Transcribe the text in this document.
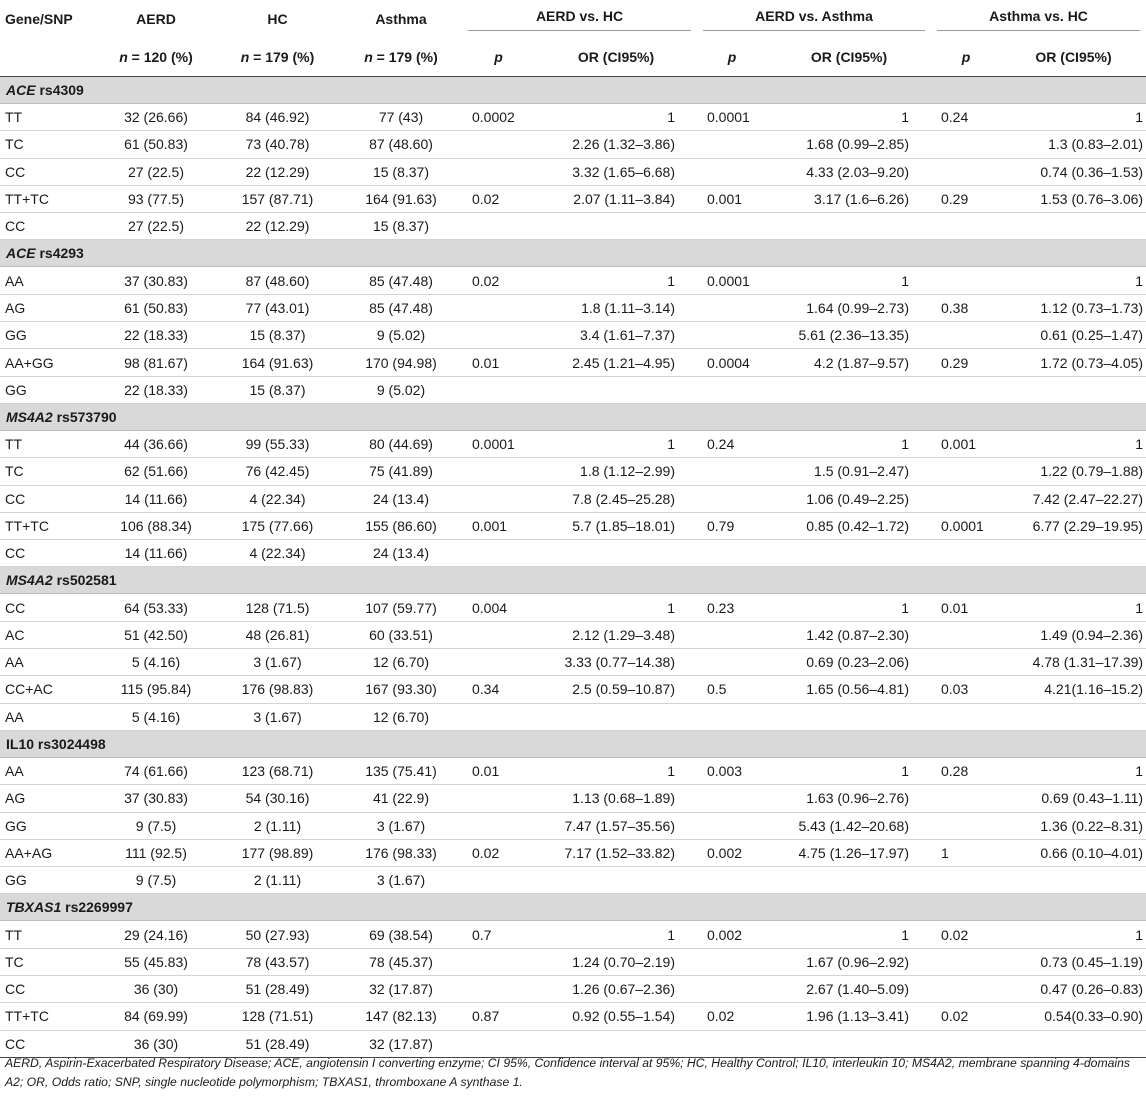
Gene/SNP	AERD	HC	Asthma	AERD vs. HC		AERD vs. Asthma		Asthma vs. HC	

	n = 120 (%)	n = 179 (%)	n = 179 (%)	p	OR (CI95%)	p	OR (CI95%)	p	OR (CI95%)
ACE rs4309									
TT	32 (26.66)	84 (46.92)	77 (43)	0.0002	1	0.0001	1	0.24	1
TC	61 (50.83)	73 (40.78)	87 (48.60)		2.26 (1.32–3.86)		1.68 (0.99–2.85)		1.3 (0.83–2.01)
CC	27 (22.5)	22 (12.29)	15 (8.37)		3.32 (1.65–6.68)		4.33 (2.03–9.20)		0.74 (0.36–1.53)
TT+TC	93 (77.5)	157 (87.71)	164 (91.63)	0.02	2.07 (1.11–3.84)	0.001	3.17 (1.6–6.26)	0.29	1.53 (0.76–3.06)
CC	27 (22.5)	22 (12.29)	15 (8.37)						
ACE rs4293									
AA	37 (30.83)	87 (48.60)	85 (47.48)	0.02	1	0.0001	1		1
AG	61 (50.83)	77 (43.01)	85 (47.48)		1.8 (1.11–3.14)		1.64 (0.99–2.73)	0.38	1.12 (0.73–1.73)
GG	22 (18.33)	15 (8.37)	9 (5.02)		3.4 (1.61–7.37)		5.61 (2.36–13.35)		0.61 (0.25–1.47)
AA+GG	98 (81.67)	164 (91.63)	170 (94.98)	0.01	2.45 (1.21–4.95)	0.0004	4.2 (1.87–9.57)	0.29	1.72 (0.73–4.05)
GG	22 (18.33)	15 (8.37)	9 (5.02)						
MS4A2 rs573790									
TT	44 (36.66)	99 (55.33)	80 (44.69)	0.0001	1	0.24	1	0.001	1
TC	62 (51.66)	76 (42.45)	75 (41.89)		1.8 (1.12–2.99)		1.5 (0.91–2.47)		1.22 (0.79–1.88)
CC	14 (11.66)	4 (22.34)	24 (13.4)		7.8 (2.45–25.28)		1.06 (0.49–2.25)		7.42 (2.47–22.27)
TT+TC	106 (88.34)	175 (77.66)	155 (86.60)	0.001	5.7 (1.85–18.01)	0.79	0.85 (0.42–1.72)	0.0001	6.77 (2.29–19.95)
CC	14 (11.66)	4 (22.34)	24 (13.4)						
MS4A2 rs502581									
CC	64 (53.33)	128 (71.5)	107 (59.77)	0.004	1	0.23	1	0.01	1
AC	51 (42.50)	48 (26.81)	60 (33.51)		2.12 (1.29–3.48)		1.42 (0.87–2.30)		1.49 (0.94–2.36)
AA	5 (4.16)	3 (1.67)	12 (6.70)		3.33 (0.77–14.38)		0.69 (0.23–2.06)		4.78 (1.31–17.39)
CC+AC	115 (95.84)	176 (98.83)	167 (93.30)	0.34	2.5 (0.59–10.87)	0.5	1.65 (0.56–4.81)	0.03	4.21(1.16–15.2)
AA	5 (4.16)	3 (1.67)	12 (6.70)						
IL10 rs3024498									
AA	74 (61.66)	123 (68.71)	135 (75.41)	0.01	1	0.003	1	0.28	1
AG	37 (30.83)	54 (30.16)	41 (22.9)		1.13 (0.68–1.89)		1.63 (0.96–2.76)		0.69 (0.43–1.11)
GG	9 (7.5)	2 (1.11)	3 (1.67)		7.47 (1.57–35.56)		5.43 (1.42–20.68)		1.36 (0.22–8.31)
AA+AG	111 (92.5)	177 (98.89)	176 (98.33)	0.02	7.17 (1.52–33.82)	0.002	4.75 (1.26–17.97)	1	0.66 (0.10–4.01)
GG	9 (7.5)	2 (1.11)	3 (1.67)						
TBXAS1 rs2269997									
TT	29 (24.16)	50 (27.93)	69 (38.54)	0.7	1	0.002	1	0.02	1
TC	55 (45.83)	78 (43.57)	78 (45.37)		1.24 (0.70–2.19)		1.67 (0.96–2.92)		0.73 (0.45–1.19)
CC	36 (30)	51 (28.49)	32 (17.87)		1.26 (0.67–2.36)		2.67 (1.40–5.09)		0.47 (0.26–0.83)
TT+TC	84 (69.99)	128 (71.51)	147 (82.13)	0.87	0.92 (0.55–1.54)	0.02	1.96 (1.13–3.41)	0.02	0.54(0.33–0.90)
CC	36 (30)	51 (28.49)	32 (17.87)						
AERD, Aspirin-Exacerbated Respiratory Disease; ACE, angiotensin I converting enzyme; CI 95%, Confidence interval at 95%; HC, Healthy Control; IL10, interleukin 10; MS4A2, membrane spanning 4-domains A2; OR, Odds ratio; SNP, single nucleotide polymorphism; TBXAS1, thromboxane A synthase 1.
